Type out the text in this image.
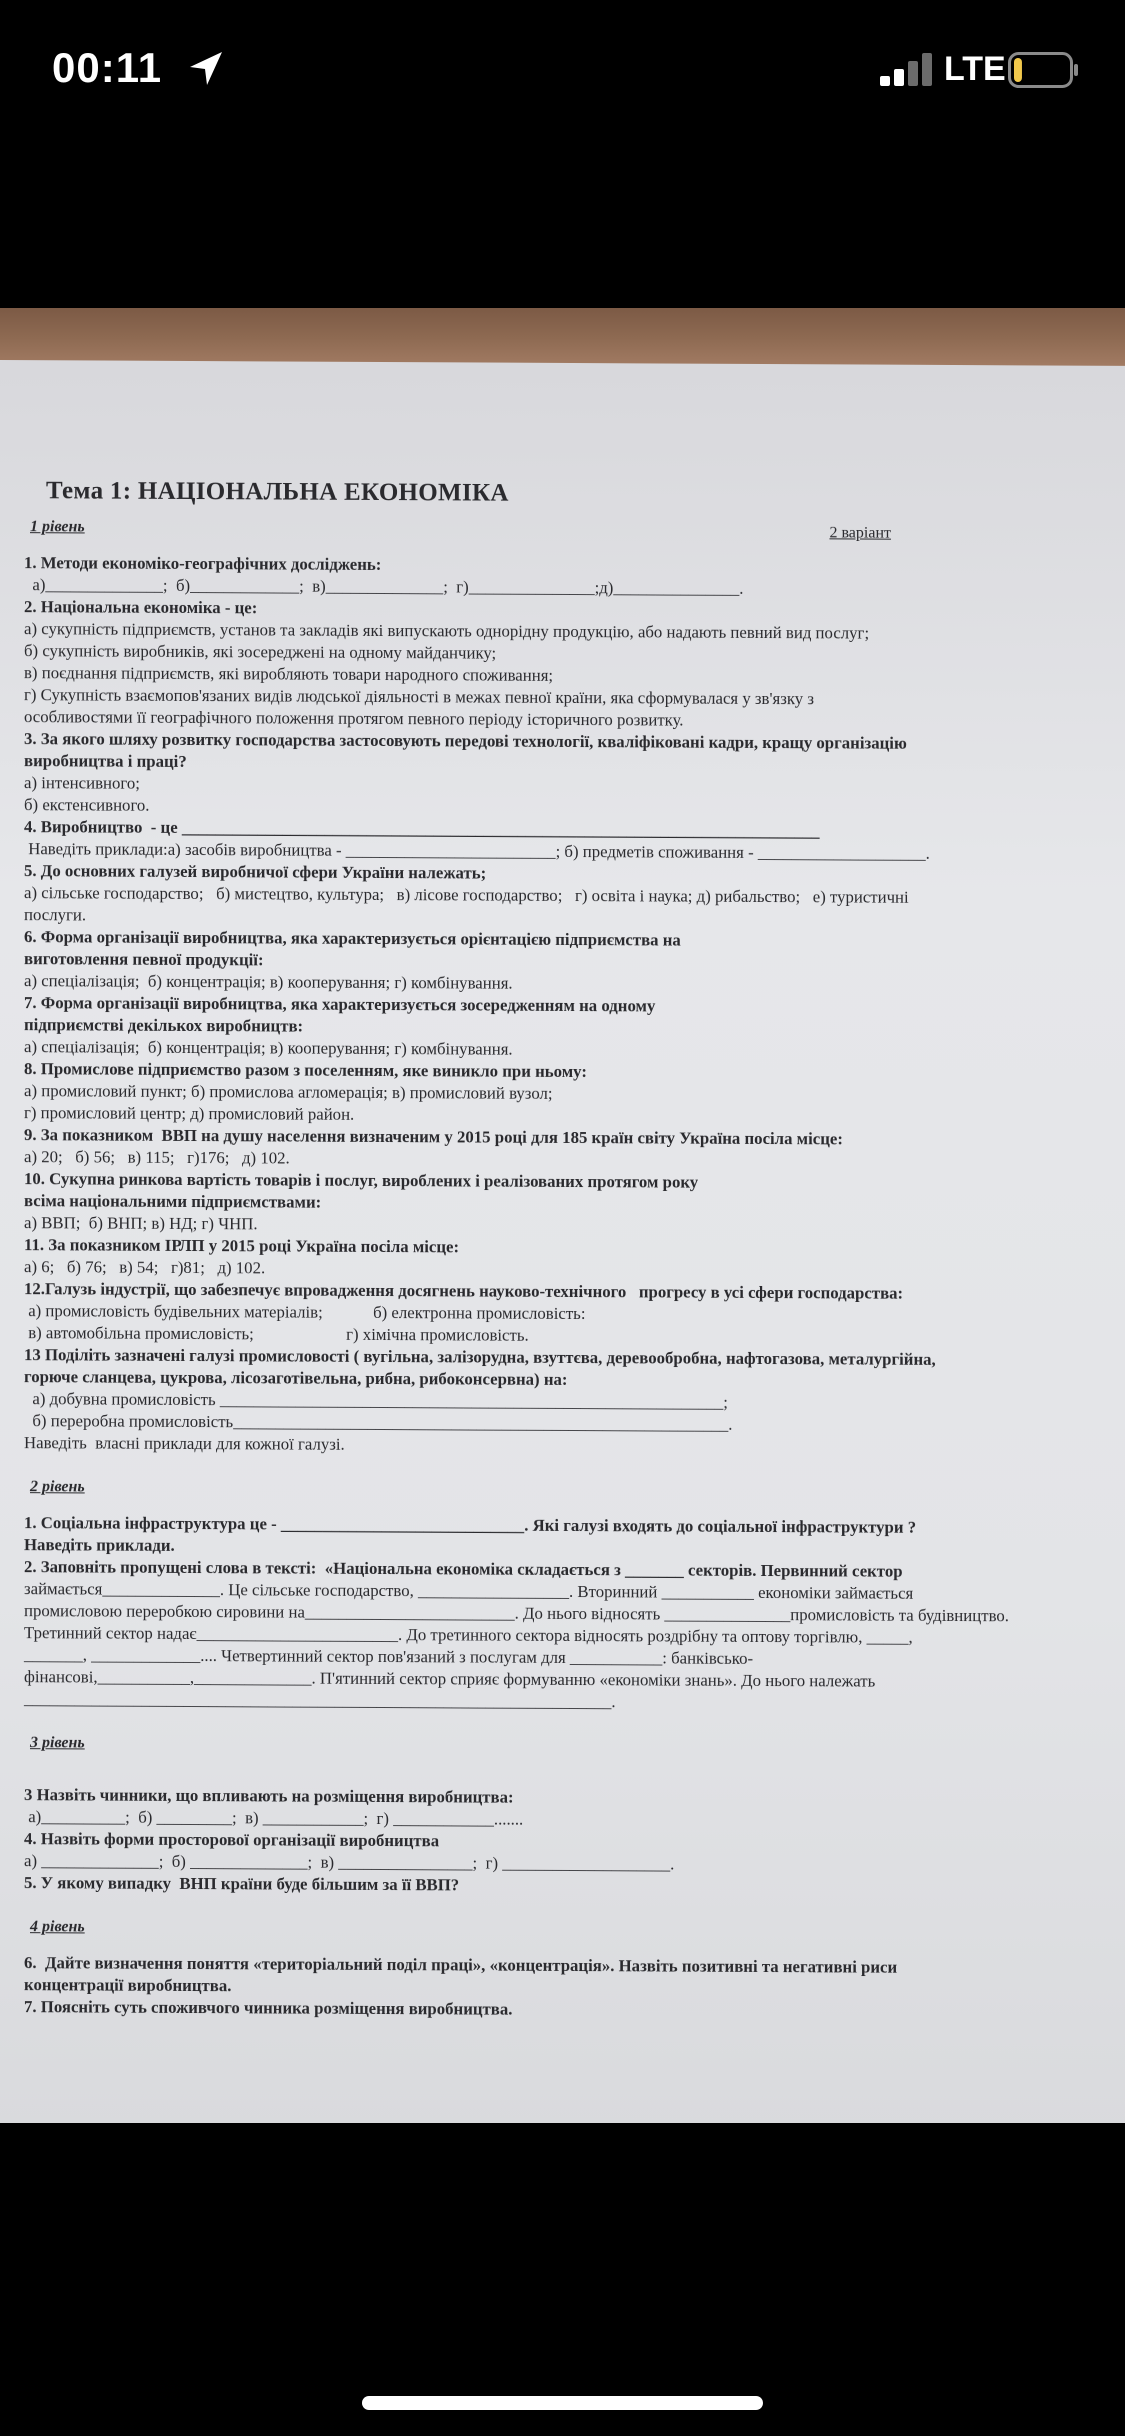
00:11	LTE
Тема 1: НАЦІОНАЛЬНА ЕКОНОМІКА
2 варіант
1 рівень
1. Методи економіко-географічних досліджень:
а)______________;  б)_____________;  в)______________;  г)_______________;д)_______________.
2. Національна економіка - це:
а) сукупність підприємств, установ та закладів які випускають однорідну продукцію, або надають певний вид послуг;
б) сукупність виробників, які зосереджені на одному майданчику;
в) поєднання підприємств, які виробляють товари народного споживання;
г) Сукупність взаємопов'язаних видів людської діяльності в межах певної країни, яка сформувалася у зв'язку з
особливостями її географічного положення протягом певного періоду історичного розвитку.
3. За якого шляху розвитку господарства застосовують передові технології, кваліфіковані кадри, кращу організацію
виробництва і праці?
а) інтенсивного;
б) екстенсивного.
4. Виробництво  - це ____________________________________________________________________________
Наведіть приклади:а) засобів виробництва - _________________________; б) предметів споживання - ____________________.
5. До основних галузей виробничої сфери України належать;
а) сільське господарство;   б) мистецтво, культура;   в) лісове господарство;   г) освіта і наука; д) рибальство;   е) туристичні
послуги.
6. Форма організації виробництва, яка характеризується орієнтацією підприємства на
виготовлення певної продукції:
а) спеціалізація;  б) концентрація; в) кооперування; г) комбінування.
7. Форма організації виробництва, яка характеризується зосередженням на одному
підприємстві декількох виробництв:
а) спеціалізація;  б) концентрація; в) кооперування; г) комбінування.
8. Промислове підприємство разом з поселенням, яке виникло при ньому:
а) промисловий пункт; б) промислова агломерація; в) промисловий вузол;
г) промисловий центр; д) промисловий район.
9. За показником  ВВП на душу населення визначеним у 2015 році для 185 країн світу Україна посіла місце:
а) 20;   б) 56;   в) 115;   г)176;   д) 102.
10. Сукупна ринкова вартість товарів і послуг, вироблених і реалізованих протягом року
всіма національними підприємствами:
а) ВВП;  б) ВНП; в) НД; г) ЧНП.
11. За показником ІРЛП у 2015 році Україна посіла місце:
а) 6;   б) 76;   в) 54;   г)81;   д) 102.
12.Галузь індустрії, що забезпечує впровадження досягнень науково-технічного   прогресу в усі сфери господарства:
а) промисловість будівельних матеріалів;            б) електронна промисловість:
в) автомобільна промисловість;                      г) хімічна промисловість.
13 Поділіть зазначені галузі промисловості ( вугільна, залізорудна, взуттєва, деревообробна, нафтогазова, металургійна,
горюче сланцева, цукрова, лісозаготівельна, рибна, рибоконсервна) на:
а) добувна промисловість ____________________________________________________________;
б) переробна промисловість___________________________________________________________.
Наведіть  власні приклади для кожної галузі.
2 рівень
1. Соціальна інфраструктура це - _____________________________. Які галузі входять до соціальної інфраструктури ?
Наведіть приклади.
2. Заповніть пропущені слова в тексті:  «Національна економіка складається з _______ секторів. Первинний сектор
займається______________. Це сільське господарство, __________________. Вторинний ___________ економіки займається
промисловою переробкою сировини на_________________________. До нього відносять _______________промисловість та будівництво.
Третинний сектор надає________________________. До третинного сектора відносять роздрібну та оптову торгівлю, _____,
_______, _____________.... Четвертинний сектор пов'язаний з послугам для ___________: банківсько-
фінансові,___________,______________. П'ятинний сектор сприяє формуванню «економіки знань». До нього належать
______________________________________________________________________.
3 рівень
3 Назвіть чинники, що впливають на розміщення виробництва:
а)__________;  б) _________;  в) ____________;  г) ____________.......
4. Назвіть форми просторової організації виробництва
а) ______________;  б) ______________;  в) ________________;  г) ____________________.
5. У якому випадку  ВНП країни буде більшим за її ВВП?
4 рівень
6.  Дайте визначення поняття «територіальний поділ праці», «концентрація». Назвіть позитивні та негативні риси
концентрації виробництва.
7. Поясніть суть споживчого чинника розміщення виробництва.
